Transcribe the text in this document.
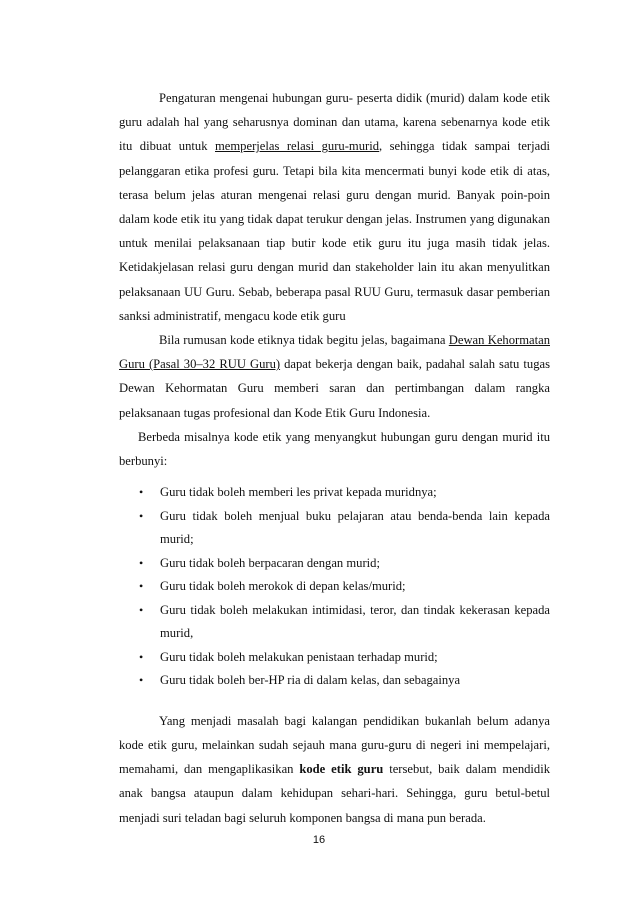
Pengaturan mengenai hubungan guru- peserta didik (murid) dalam kode etik guru adalah hal yang seharusnya dominan dan utama, karena sebenarnya kode etik itu dibuat untuk memperjelas relasi guru-murid, sehingga tidak sampai terjadi pelanggaran etika profesi guru. Tetapi bila kita mencermati bunyi kode etik di atas, terasa belum jelas aturan mengenai relasi guru dengan murid. Banyak poin-poin dalam kode etik itu yang tidak dapat terukur dengan jelas. Instrumen yang digunakan untuk menilai pelaksanaan tiap butir kode etik guru itu juga masih tidak jelas. Ketidakjelasan relasi guru dengan murid dan stakeholder lain itu akan menyulitkan pelaksanaan UU Guru. Sebab, beberapa pasal RUU Guru, termasuk dasar pemberian sanksi administratif, mengacu kode etik guru

Bila rumusan kode etiknya tidak begitu jelas, bagaimana Dewan Kehormatan Guru (Pasal 30–32 RUU Guru) dapat bekerja dengan baik, padahal salah satu tugas Dewan Kehormatan Guru memberi saran dan pertimbangan dalam rangka pelaksanaan tugas profesional dan Kode Etik Guru Indonesia.

Berbeda misalnya kode etik yang menyangkut hubungan guru dengan murid itu berbunyi:

• Guru tidak boleh memberi les privat kepada muridnya;
• Guru tidak boleh menjual buku pelajaran atau benda-benda lain kepada murid;
• Guru tidak boleh berpacaran dengan murid;
• Guru tidak boleh merokok di depan kelas/murid;
• Guru tidak boleh melakukan intimidasi, teror, dan tindak kekerasan kepada murid,
• Guru tidak boleh melakukan penistaan terhadap murid;
• Guru tidak boleh ber-HP ria di dalam kelas, dan sebagainya

Yang menjadi masalah bagi kalangan pendidikan bukanlah belum adanya kode etik guru, melainkan sudah sejauh mana guru-guru di negeri ini mempelajari, memahami, dan mengaplikasikan kode etik guru tersebut, baik dalam mendidik anak bangsa ataupun dalam kehidupan sehari-hari. Sehingga, guru betul-betul menjadi suri teladan bagi seluruh komponen bangsa di mana pun berada.

16
